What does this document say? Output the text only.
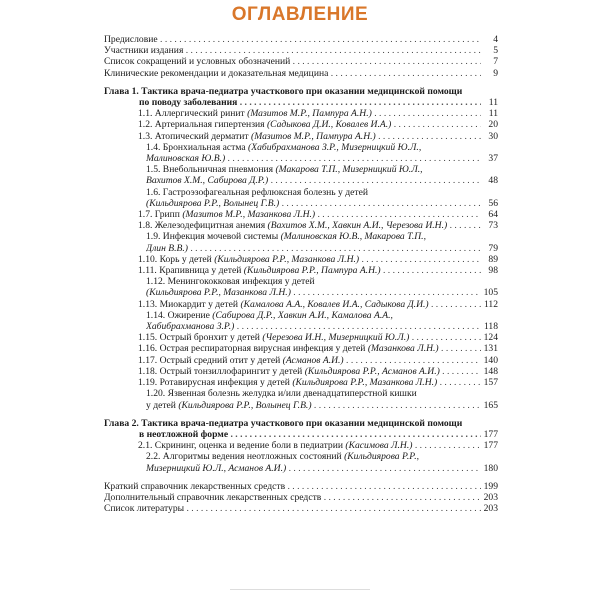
ОГЛАВЛЕНИЕ
Предисловие . . .	4
Участники издания . . .	5
Список сокращений и условных обозначений . . .	7
Клинические рекомендации и доказательная медицина . . .	9
Глава 1. Тактика врача-педиатра участкового при оказании медицинской помощи
по поводу заболевания . . .	11
1.1. Аллергический ринит (Мазитов М.Р., Пампура А.Н.) . . .	11
1.2. Артериальная гипертензия (Садыкова Д.И., Ковалев И.А.) . . .	20
1.3. Атопический дерматит (Мазитов М.Р., Пампура А.Н.) . . .	30
1.4. Бронхиальная астма (Хабибрахманова З.Р., Мизерницкий Ю.Л.,
Малиновская Ю.В.) . . .	37
1.5. Внебольничная пневмония (Макарова Т.П., Мизерницкий Ю.Л.,
Вахитов Х.М., Сабирова Д.Р.) . . .	48
1.6. Гастроэзофагеальная рефлюксная болезнь у детей
(Кильдиярова Р.Р., Волынец Г.В.) . . .	56
1.7. Грипп (Мазитов М.Р., Мазанкова Л.Н.) . . .	64
1.8. Железодефицитная анемия (Вахитов Х.М., Хавкин А.И., Черезова И.Н.) . . .	73
1.9. Инфекция мочевой системы (Малиновская Ю.В., Макарова Т.П.,
Длин В.В.) . . .	79
1.10. Корь у детей (Кильдиярова Р.Р., Мазанкова Л.Н.) . . .	89
1.11. Крапивница у детей (Кильдиярова Р.Р., Пампура А.Н.) . . .	98
1.12. Менингококковая инфекция у детей
(Кильдиярова Р.Р., Мазанкова Л.Н.) . . .	105
1.13. Миокардит у детей (Камалова А.А., Ковалев И.А., Садыкова Д.И.) . . .	112
1.14. Ожирение (Сабирова Д.Р., Хавкин А.И., Камалова А.А.,
Хабибрахманова З.Р.) . . .	118
1.15. Острый бронхит у детей (Черезова И.Н., Мизерницкий Ю.Л.) . . .	124
1.16. Острая респираторная вирусная инфекция у детей (Мазанкова Л.Н.) . . .	131
1.17. Острый средний отит у детей (Асманов А.И.) . . .	140
1.18. Острый тонзиллофарингит у детей (Кильдиярова Р.Р., Асманов А.И.) . . .	148
1.19. Ротавирусная инфекция у детей (Кильдиярова Р.Р., Мазанкова Л.Н.) . . .	157
1.20. Язвенная болезнь желудка и/или двенадцатиперстной кишки
у детей (Кильдиярова Р.Р., Волынец Г.В.) . . .	165
Глава 2. Тактика врача-педиатра участкового при оказании медицинской помощи
в неотложной форме . . .	177
2.1. Скрининг, оценка и ведение боли в педиатрии (Касимова Л.Н.) . . .	177
2.2. Алгоритмы ведения неотложных состояний (Кильдиярова Р.Р.,
Мизерницкий Ю.Л., Асманов А.И.) . . .	180
Краткий справочник лекарственных средств . . .	199
Дополнительный справочник лекарственных средств . . .	203
Список литературы . . .	203
